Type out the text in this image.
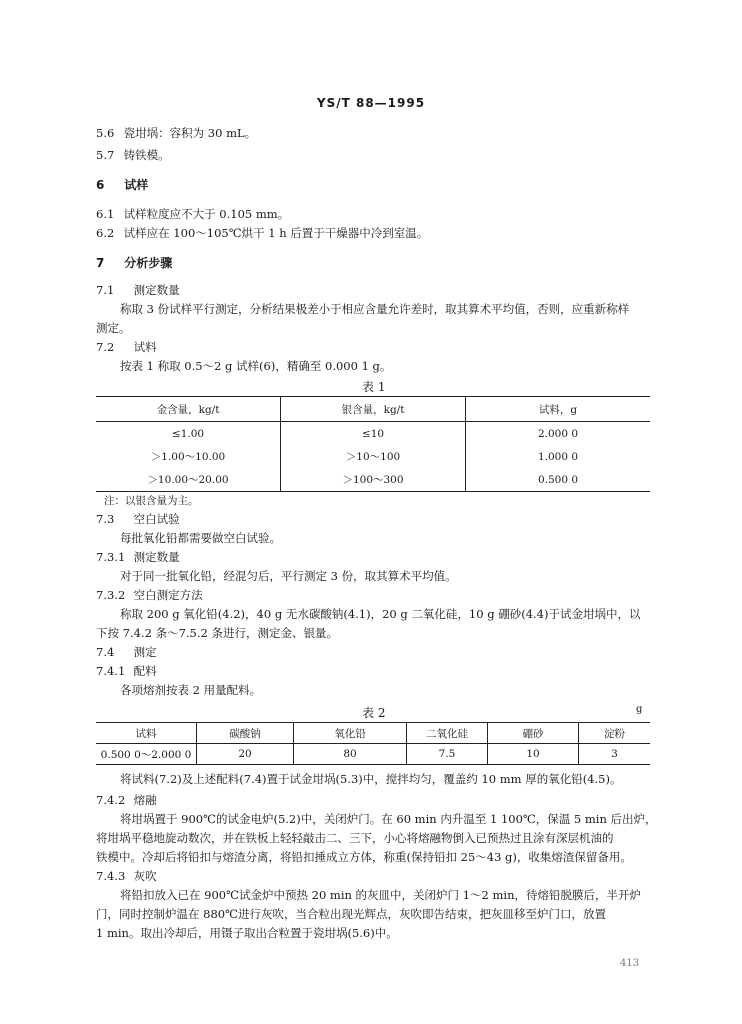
YS/T 88—1995
5.6 瓷坩埚：容积为 30 mL。
5.7 铸铁模。
6 试样
6.1 试样粒度应不大于 0.105 mm。
6.2 试样应在 100～105℃烘干 1 h 后置于干燥器中冷到室温。
7 分析步骤
7.1 测定数量
称取 3 份试样平行测定，分析结果极差小于相应含量允许差时，取其算术平均值，否则，应重新称样
测定。
7.2 试料
按表 1 称取 0.5～2 g 试样(6)，精确至 0.000 1 g。
表 1
金含量，kg/t	银含量，kg/t	试料，g
≤1.00	≤10	2.000 0
＞1.00～10.00	＞10～100	1.000 0
＞10.00～20.00	＞100～300	0.500 0
注：以银含量为主。
7.3 空白试验
每批氧化铅都需要做空白试验。
7.3.1 测定数量
对于同一批氧化铅，经混匀后，平行测定 3 份，取其算术平均值。
7.3.2 空白测定方法
称取 200 g 氧化铅(4.2)，40 g 无水碳酸钠(4.1)，20 g 二氧化硅，10 g 硼砂(4.4)于试金坩埚中，以
下按 7.4.2 条～7.5.2 条进行，测定金、银量。
7.4 测定
7.4.1 配料
各项熔剂按表 2 用量配料。
表 2	g
试料	碳酸钠	氧化铅	二氧化硅	硼砂	淀粉
0.500 0～2.000 0	20	80	7.5	10	3
将试料(7.2)及上述配料(7.4)置于试金坩埚(5.3)中，搅拌均匀，覆盖约 10 mm 厚的氧化铅(4.5)。
7.4.2 熔融
将坩埚置于 900℃的试金电炉(5.2)中，关闭炉门。在 60 min 内升温至 1 100℃，保温 5 min 后出炉，
将坩埚平稳地旋动数次，并在铁板上轻轻敲击二、三下，小心将熔融物倒入已预热过且涂有深层机油的
铁模中。冷却后将铅扣与熔渣分离，将铅扣捶成立方体，称重(保持铅扣 25～43 g)，收集熔渣保留备用。
7.4.3 灰吹
将铅扣放入已在 900℃试金炉中预热 20 min 的灰皿中，关闭炉门 1～2 min，待熔铅脱膜后，半开炉
门，同时控制炉温在 880℃进行灰吹，当合粒出现光辉点，灰吹即告结束，把灰皿移至炉门口，放置
1 min。取出冷却后，用镊子取出合粒置于瓷坩埚(5.6)中。
413
